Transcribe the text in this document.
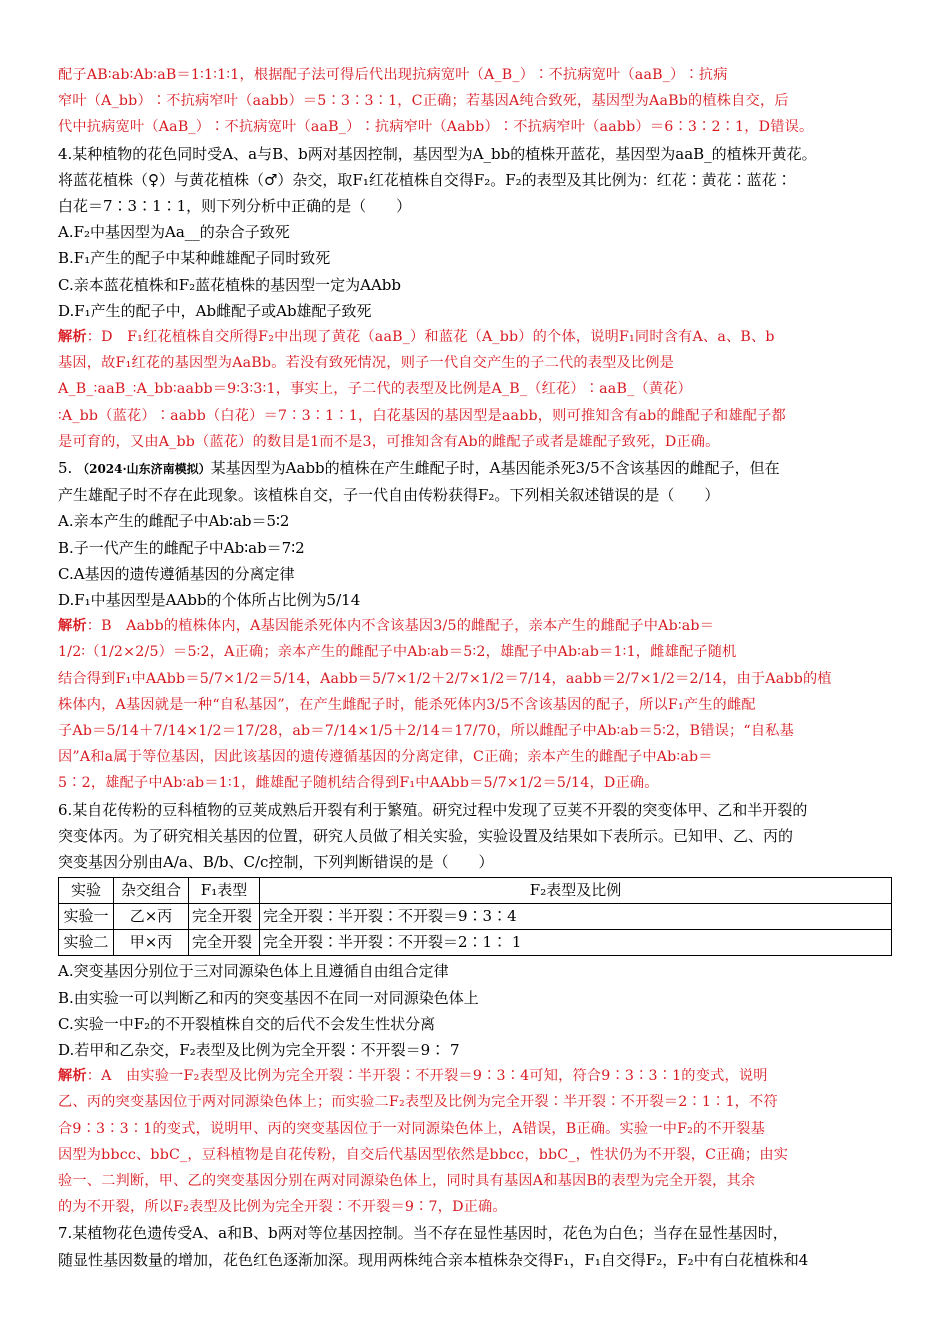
配子AB∶ab∶Ab∶aB＝1∶1∶1∶1，根据配子法可得后代出现抗病宽叶（A_B_）∶不抗病宽叶（aaB_）∶抗病

窄叶（A_bb）∶不抗病窄叶（aabb）＝5∶3∶3∶1，C正确；若基因A纯合致死，基因型为AaBb的植株自交，后

代中抗病宽叶（AaB_）∶不抗病宽叶（aaB_）∶抗病窄叶（Aabb）∶不抗病窄叶（aabb）＝6∶3∶2∶1，D错误。

4.某种植物的花色同时受A、a与B、b两对基因控制，基因型为A_bb的植株开蓝花，基因型为aaB_的植株开黄花。

将蓝花植株（♀）与黄花植株（♂）杂交，取F₁红花植株自交得F₂。F₂的表型及其比例为：红花∶黄花∶蓝花∶

白花＝7∶3∶1∶1，则下列分析中正确的是（　　）

A.F₂中基因型为Aa__的杂合子致死

B.F₁产生的配子中某种雌雄配子同时致死

C.亲本蓝花植株和F₂蓝花植株的基因型一定为AAbb

D.F₁产生的配子中，Ab雌配子或Ab雄配子致死

解析：D　F₁红花植株自交所得F₂中出现了黄花（aaB_）和蓝花（A_bb）的个体，说明F₁同时含有A、a、B、b

基因，故F₁红花的基因型为AaBb。若没有致死情况，则子一代自交产生的子二代的表型及比例是

A_B_∶aaB_∶A_bb∶aabb＝9∶3∶3∶1，事实上，子二代的表型及比例是A_B_（红花）∶aaB_（黄花）

∶A_bb（蓝花）∶aabb（白花）＝7∶3∶1∶1，白花基因的基因型是aabb，则可推知含有ab的雌配子和雄配子都

是可育的，又由A_bb（蓝花）的数目是1而不是3，可推知含有Ab的雌配子或者是雄配子致死，D正确。

5. （2024·山东济南模拟）某基因型为Aabb的植株在产生雌配子时，A基因能杀死3/5不含该基因的雌配子，但在

产生雄配子时不存在此现象。该植株自交，子一代自由传粉获得F₂。下列相关叙述错误的是（　　）

A.亲本产生的雌配子中Ab∶ab＝5∶2

B.子一代产生的雌配子中Ab∶ab＝7∶2

C.A基因的遗传遵循基因的分离定律

D.F₁中基因型是AAbb的个体所占比例为5/14

解析：B　Aabb的植株体内，A基因能杀死体内不含该基因3/5的雌配子，亲本产生的雌配子中Ab∶ab＝

1/2∶（1/2×2/5）＝5∶2，A正确；亲本产生的雌配子中Ab∶ab＝5∶2，雄配子中Ab∶ab＝1∶1，雌雄配子随机

结合得到F₁中AAbb＝5/7×1/2＝5/14，Aabb＝5/7×1/2＋2/7×1/2＝7/14，aabb＝2/7×1/2＝2/14，由于Aabb的植

株体内，A基因就是一种“自私基因”，在产生雌配子时，能杀死体内3/5不含该基因的配子，所以F₁产生的雌配

子Ab＝5/14＋7/14×1/2＝17/28，ab＝7/14×1/5＋2/14＝17/70，所以雌配子中Ab∶ab＝5∶2，B错误；“自私基

因”A和a属于等位基因，因此该基因的遗传遵循基因的分离定律，C正确；亲本产生的雌配子中Ab∶ab＝

5∶2，雄配子中Ab∶ab＝1∶1，雌雄配子随机结合得到F₁中AAbb＝5/7×1/2＝5/14，D正确。

6.某自花传粉的豆科植物的豆荚成熟后开裂有利于繁殖。研究过程中发现了豆荚不开裂的突变体甲、乙和半开裂的

突变体丙。为了研究相关基因的位置，研究人员做了相关实验，实验设置及结果如下表所示。已知甲、乙、丙的

突变基因分别由A/a、B/b、C/c控制，下列判断错误的是（　　）

实验	杂交组合	F₁表型	F₂表型及比例
实验一	乙×丙	完全开裂	完全开裂∶半开裂∶不开裂＝9∶3∶4
实验二	甲×丙	完全开裂	完全开裂∶半开裂∶不开裂＝2∶1∶ 1

A.突变基因分别位于三对同源染色体上且遵循自由组合定律

B.由实验一可以判断乙和丙的突变基因不在同一对同源染色体上

C.实验一中F₂的不开裂植株自交的后代不会发生性状分离

D.若甲和乙杂交，F₂表型及比例为完全开裂∶不开裂＝9∶ 7

解析：A　由实验一F₂表型及比例为完全开裂∶半开裂∶不开裂＝9∶3∶4可知，符合9∶3∶3∶1的变式，说明

乙、丙的突变基因位于两对同源染色体上；而实验二F₂表型及比例为完全开裂∶半开裂∶不开裂＝2∶1∶1，不符

合9∶3∶3∶1的变式，说明甲、丙的突变基因位于一对同源染色体上，A错误，B正确。实验一中F₂的不开裂基

因型为bbcc、bbC_，豆科植物是自花传粉，自交后代基因型依然是bbcc，bbC_，性状仍为不开裂，C正确；由实

验一、二判断，甲、乙的突变基因分别在两对同源染色体上，同时具有基因A和基因B的表型为完全开裂，其余

的为不开裂，所以F₂表型及比例为完全开裂∶不开裂＝9∶7，D正确。

7.某植物花色遗传受A、a和B、b两对等位基因控制。当不存在显性基因时，花色为白色；当存在显性基因时，

随显性基因数量的增加，花色红色逐渐加深。现用两株纯合亲本植株杂交得F₁，F₁自交得F₂，F₂中有白花植株和4
